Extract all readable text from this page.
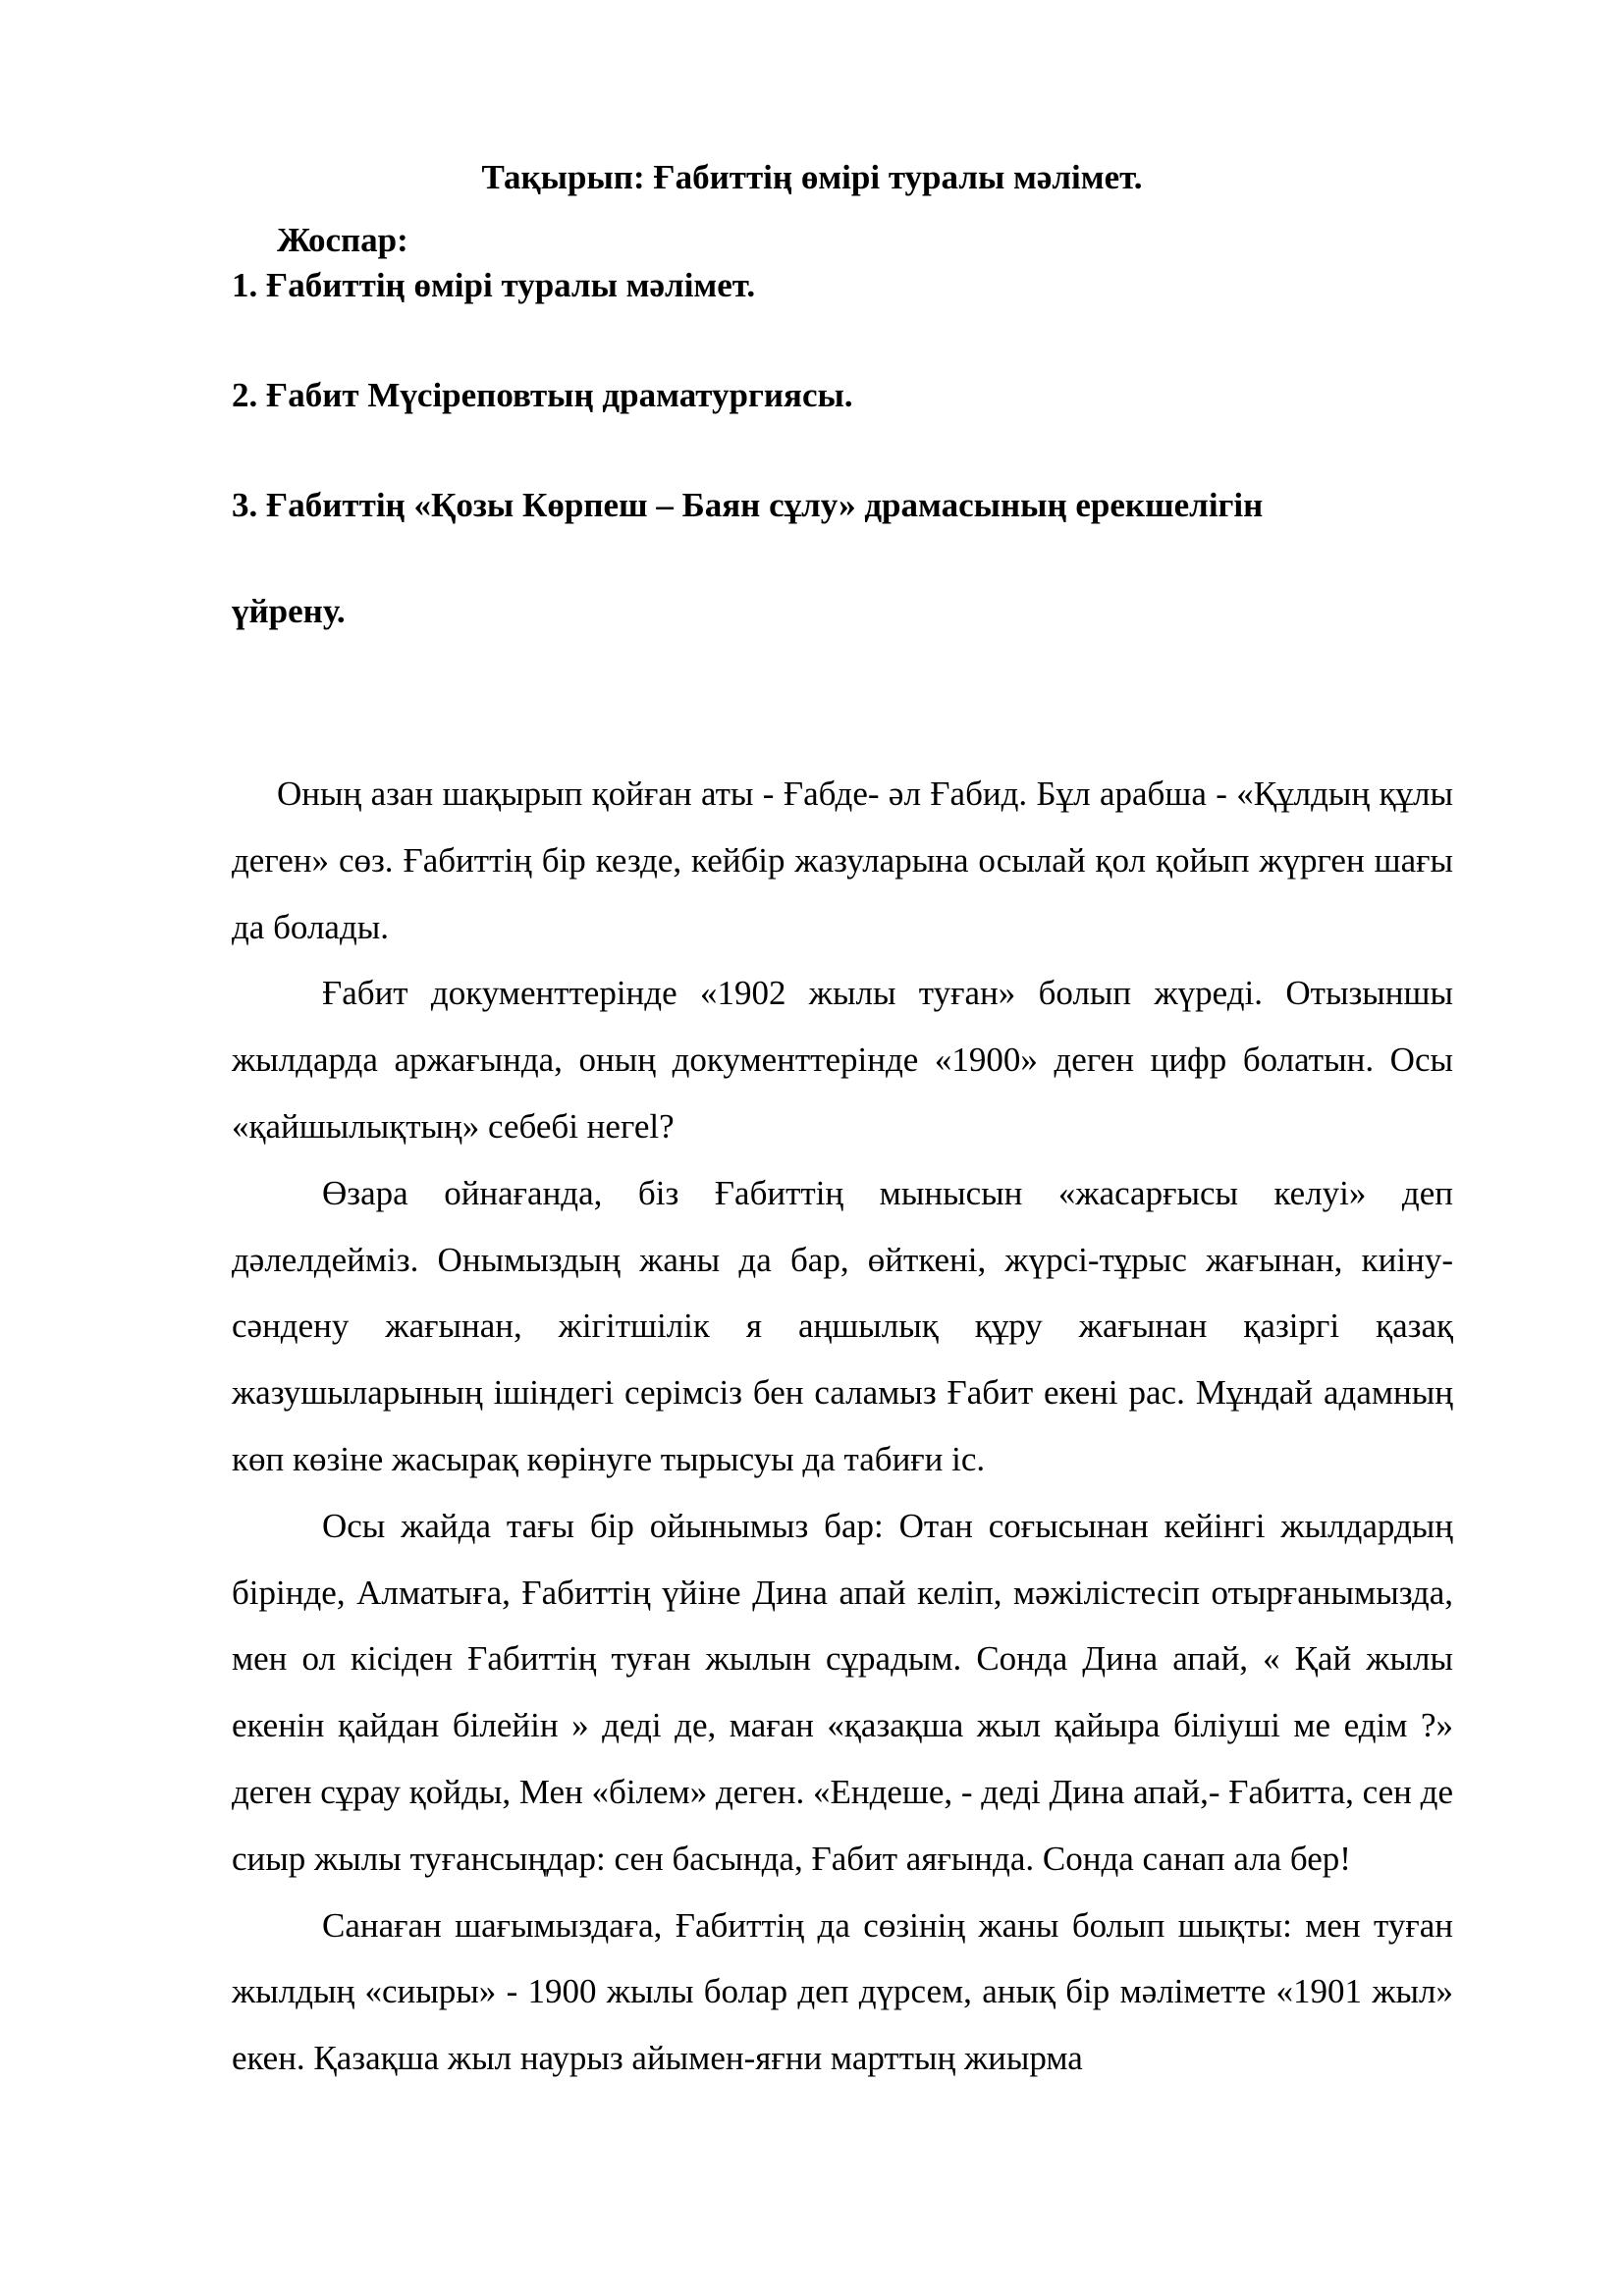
Тақырып: Ғабиттің өмірі туралы мәлімет.
Жоспар:
1. Ғабиттің өмірі туралы мәлімет.
2. Ғабит Мүсіреповтың драматургиясы.
3. Ғабиттің «Қозы Көрпеш – Баян сұлу» драмасының ерекшелігін
үйрену.

Оның азан шақырып қойған аты - Ғабде- әл Ғабид. Бұл арабша - «Құлдың құлы деген» сөз. Ғабиттің бір кезде, кейбір жазуларына осылай қол қойып жүрген шағы да болады.

Ғабит документтерінде «1902 жылы туған» болып жүреді. Отызыншы жылдарда аржағында, оның документтерінде «1900» деген цифр болатын. Осы «қайшылықтың» себебі негеl?

Өзара ойнағанда, біз Ғабиттің мынысын «жасарғысы келуі» деп дәлелдейміз. Онымыздың жаны да бар, өйткені, жүрсі-тұрыс жағынан, киіну- сәндену жағынан, жігітшілік я аңшылық құру жағынан қазіргі қазақ жазушыларының ішіндегі серімсіз бен саламыз Ғабит екені рас. Мұндай адамның көп көзіне жасырақ көрінуге тырысуы да табиғи іс.

Осы жайда тағы бір ойынымыз бар: Отан соғысынан кейінгі жылдардың бірінде, Алматыға, Ғабиттің үйіне Дина апай келіп, мәжілістесіп отырғанымызда, мен ол кісіден Ғабиттің туған жылын сұрадым. Сонда Дина апай, « Қай жылы екенін қайдан білейін » деді де, маған «қазақша жыл қайыра біліуші ме едім ?» деген сұрау қойды, Мен «білем» деген. «Ендеше, - деді Дина апай,- Ғабитта, сен де сиыр жылы туғансыңдар: сен басында, Ғабит аяғында. Сонда санап ала бер!

Санаған шағымыздаға, Ғабиттің да сөзінің жаны болып шықты: мен туған жылдың «сиыры» - 1900 жылы болар деп дүрсем, анық бір мәліметте «1901 жыл» екен. Қазақша жыл наурыз айымен-яғни марттың жиырма
